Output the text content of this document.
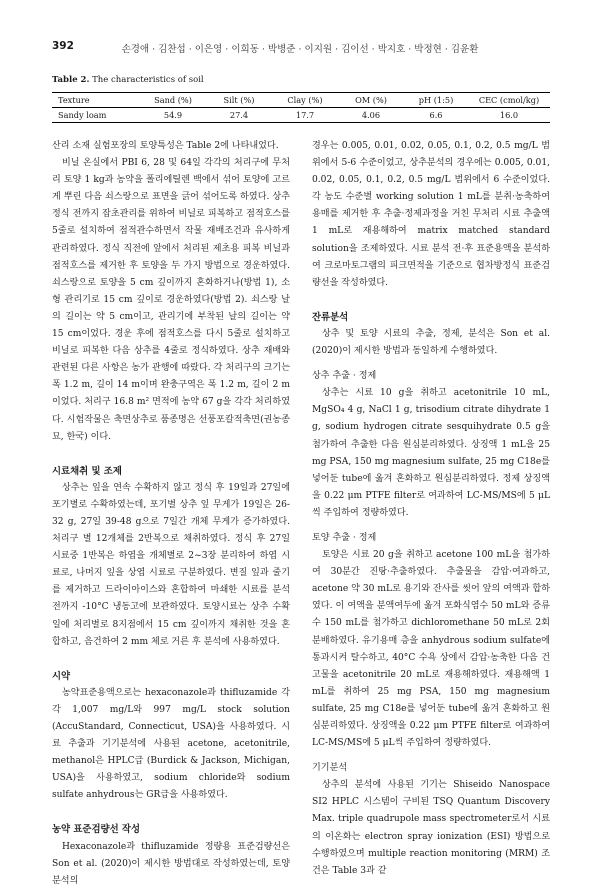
392	손경애 · 김찬섭 · 이은영 · 이희동 · 박병준 · 이지원 · 김이선 · 박지호 · 박정현 · 김윤환
Table 2. The characteristics of soil
Texture	Sand (%)	Silt (%)	Clay (%)	OM (%)	pH (1:5)	CEC (cmol/kg)
Sandy loam	54.9	27.4	17.7	4.06	6.6	16.0

산리 소재 실험포장의 토양특성은 Table 2에 나타내었다.

비닐 온실에서 PBI 6, 28 및 64일 각각의 처리구에 무처리 토양 1 kg과 농약을 폴리에틸렌 백에서 섞어 토양에 고르게 뿌린 다음 쇠스랑으로 표면을 긁어 섞어도록 하였다. 상추 정식 전까지 잡초관리를 위하여 비닐로 피복하고 점적호스를 5줄로 설치하여 점적관수하면서 작물 재배조건과 유사하게 관리하였다. 정식 직전에 앞에서 처리된 제초용 피복 비닐과 점적호스를 제거한 후 토양을 두 가지 방법으로 경운하였다. 쇠스랑으로 토양을 5 cm 깊이까지 혼화하거나(방법 1), 소형 관리기로 15 cm 깊이로 경운하였다(방법 2). 쇠스랑 날의 길이는 약 5 cm이고, 관리기에 부착된 날의 길이는 약 15 cm이었다. 경운 후에 점적호스를 다시 5줄로 설치하고 비닐로 피복한 다음 상추를 4줄로 정식하였다. 상추 재배와 관련된 다른 사항은 농가 관행에 따랐다. 각 처리구의 크기는 폭 1.2 m, 길이 14 m이며 완충구역은 폭 1.2 m, 길이 2 m이었다. 처리구 16.8 m² 면적에 농약 67 g을 각각 처리하였다. 시험작물은 축면상추로 품종명은 선풍포칼적축면(권농종묘, 한국) 이다.

시료채취 및 조제

상추는 잎을 연속 수확하지 않고 정식 후 19일과 27일에 포기별로 수확하였는데, 포기별 상추 잎 무게가 19일은 26-32 g, 27일 39-48 g으로 7일간 개체 무게가 증가하였다. 처리구 별 12개체를 2반복으로 채취하였다. 정식 후 27일 시료중 1반복은 하엽을 개체별로 2~3장 분리하여 하엽 시료로, 나머지 잎을 상엽 시료로 구분하였다. 변질 잎과 줄기를 제거하고 드라이아이스와 혼합하여 마쇄한 시료를 분석 전까지 -10°C 냉동고에 보관하였다. 토양시료는 상추 수확 일에 처리별로 8지점에서 15 cm 깊이까지 채취한 것을 혼합하고, 음건하여 2 mm 체로 거른 후 분석에 사용하였다.

시약

농약표준용액으로는 hexaconazole과 thifluzamide 각각 1,007 mg/L와 997 mg/L stock solution (AccuStandard, Connecticut, USA)을 사용하였다. 시료 추출과 기기분석에 사용된 acetone, acetonitrile, methanol은 HPLC급 (Burdick & Jackson, Michigan, USA)을 사용하였고, sodium chloride와 sodium sulfate anhydrous는 GR급을 사용하였다.

농약 표준검량선 작성

Hexaconazole과 thifluzamide 정량용 표준검량선은 Son et al. (2020)이 제시한 방법대로 작성하였는데, 토양분석의

경우는 0.005, 0.01, 0.02, 0.05, 0.1, 0.2, 0.5 mg/L 범위에서 5-6 수준이었고, 상추분석의 경우에는 0.005, 0.01, 0.02, 0.05, 0.1, 0.2, 0.5 mg/L 범위에서 6 수준이었다. 각 농도 수준별 working solution 1 mL를 분취·농축하여 용매를 제거한 후 추출·정제과정을 거친 무처리 시료 추출액 1 mL로 재용해하여 matrix matched standard solution을 조제하였다. 시료 분석 전·후 표준용액을 분석하여 크로마토그램의 피크면적을 기준으로 협차방정식 표준검량선을 작성하였다.

잔류분석

상추 및 토양 시료의 추출, 정제, 분석은 Son et al. (2020)이 제시한 방법과 동일하게 수행하였다.

상추 추출 · 정제

상추는 시료 10 g을 취하고 acetonitrile 10 mL, MgSO₄ 4 g, NaCl 1 g, trisodium citrate dihydrate 1 g, sodium hydrogen citrate sesquihydrate 0.5 g을 첨가하여 추출한 다음 원심분리하였다. 상징액 1 mL을 25 mg PSA, 150 mg magnesium sulfate, 25 mg C18e를 넣어둔 tube에 옮겨 혼화하고 원심분리하였다. 정제 상징액을 0.22 μm PTFE filter로 여과하여 LC-MS/MS에 5 μL씩 주입하여 정량하였다.

토양 추출 · 정제

토양은 시료 20 g을 취하고 acetone 100 mL을 첨가하여 30분간 진탕·추출하였다. 추출물을 감압·여과하고, acetone 약 30 mL로 용기와 잔사를 씻어 앞의 여액과 합하였다. 이 여액을 분액여두에 옮겨 포화식염수 50 mL와 증류수 150 mL를 첨가하고 dichloromethane 50 mL로 2회 분배하였다. 유기용매 층을 anhydrous sodium sulfate에 통과시켜 탈수하고, 40°C 수욕 상에서 감압·농축한 다음 건고물을 acetonitrile 20 mL로 재용해하였다. 재용해액 1 mL를 취하여 25 mg PSA, 150 mg magnesium sulfate, 25 mg C18e를 넣어둔 tube에 옮겨 혼화하고 원심분리하였다. 상징액을 0.22 μm PTFE filter로 여과하여 LC-MS/MS에 5 μL씩 주입하여 정량하였다.

기기분석

상추의 분석에 사용된 기기는 Shiseido Nanospace SI2 HPLC 시스템이 구비된 TSQ Quantum Discovery Max. triple quadrupole mass spectrometer로서 시료의 이온화는 electron spray ionization (ESI) 방법으로 수행하였으며 multiple reaction monitoring (MRM) 조건은 Table 3과 같
